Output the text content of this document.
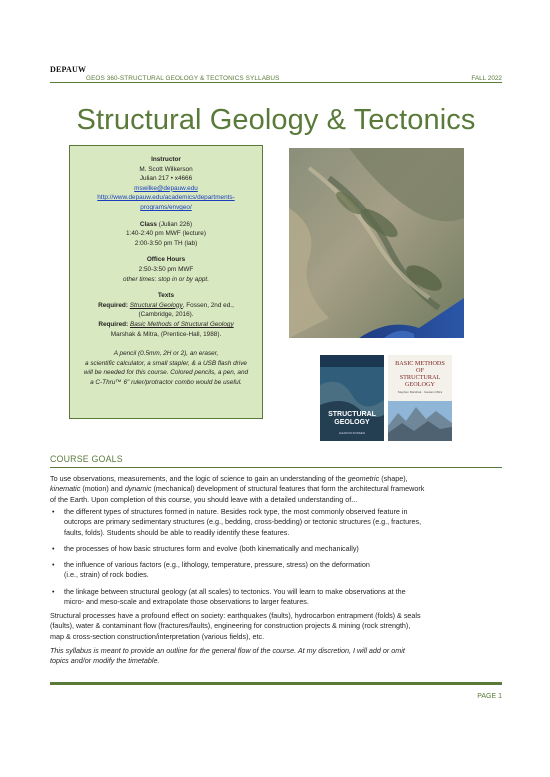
DEPAUW
GEOS 360-STRUCTURAL GEOLOGY & TECTONICS SYLLABUS	FALL 2022
Structural Geology & Tectonics
Instructor
M. Scott Wilkerson
Julian 217 • x4666
mswilke@depauw.edu
http://www.depauw.edu/academics/departments-
programs/envgeo/
Class (Julian 226)
1:40-2:40 pm MWF (lecture)
2:00-3:50 pm TH (lab)
Office Hours
2:50-3:50 pm MWF
other times: stop in or by appt.
Texts
Required: Structural Geology, Fossen, 2nd ed.,
(Cambridge, 2016).
Required: Basic Methods of Structural Geology
Marshak & Mitra, (Prentice-Hall, 1988).
A pencil (0.5mm, 2H or 2), an eraser,
a scientific calculator, a small stapler, & a USB flash drive
will be needed for this course. Colored pencils, a pen, and
a C-Thru™ 6" ruler/protractor combo would be useful.
STRUCTURAL
GEOLOGY
HAAKON FOSSEN
BASIC METHODS
OF
STRUCTURAL
GEOLOGY
Stephen Marshak · Gautam Mitra
COURSE GOALS
To use observations, measurements, and the logic of science to gain an understanding of the geometric (shape),
kinematic (motion) and dynamic (mechanical) development of structural features that form the architectural framework
of the Earth. Upon completion of this course, you should leave with a detailed understanding of...
• the different types of structures formed in nature. Besides rock type, the most commonly observed feature in
outcrops are primary sedimentary structures (e.g., bedding, cross-bedding) or tectonic structures (e.g., fractures,
faults, folds). Students should be able to readily identify these features.
• the processes of how basic structures form and evolve (both kinematically and mechanically)
• the influence of various factors (e.g., lithology, temperature, pressure, stress) on the deformation
(i.e., strain) of rock bodies.
• the linkage between structural geology (at all scales) to tectonics. You will learn to make observations at the
micro- and meso-scale and extrapolate those observations to larger features.
Structural processes have a profound effect on society: earthquakes (faults), hydrocarbon entrapment (folds) & seals
(faults), water & contaminant flow (fractures/faults), engineering for construction projects & mining (rock strength),
map & cross-section construction/interpretation (various fields), etc.
This syllabus is meant to provide an outline for the general flow of the course. At my discretion, I will add or omit
topics and/or modify the timetable.
PAGE 1
